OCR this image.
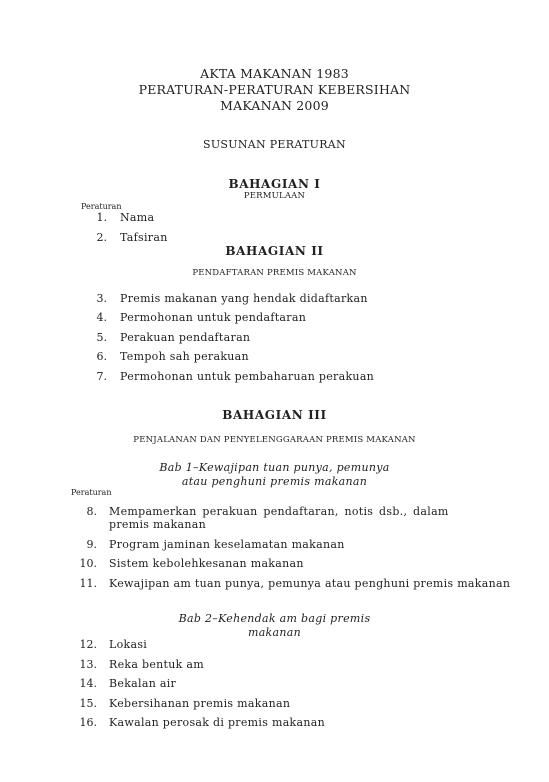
AKTA MAKANAN 1983
PERATURAN-PERATURAN KEBERSIHAN
MAKANAN 2009
SUSUNAN PERATURAN
BAHAGIAN I
PERMULAAN
Peraturan
1. Nama
2. Tafsiran
BAHAGIAN II
PENDAFTARAN PREMIS MAKANAN
3. Premis makanan yang hendak didaftarkan
4. Permohonan untuk pendaftaran
5. Perakuan pendaftaran
6. Tempoh sah perakuan
7. Permohonan untuk pembaharuan perakuan
BAHAGIAN III
PENJALANAN DAN PENYELENGGARAAN PREMIS MAKANAN
Bab 1–Kewajipan tuan punya, pemunya
atau penghuni premis makanan
Peraturan
8. Mempamerkan perakuan pendaftaran, notis dsb., dalam
premis makanan
9. Program jaminan keselamatan makanan
10. Sistem kebolehkesanan makanan
11. Kewajipan am tuan punya, pemunya atau penghuni premis makanan
Bab 2–Kehendak am bagi premis
makanan
12. Lokasi
13. Reka bentuk am
14. Bekalan air
15. Kebersihanan premis makanan
16. Kawalan perosak di premis makanan
